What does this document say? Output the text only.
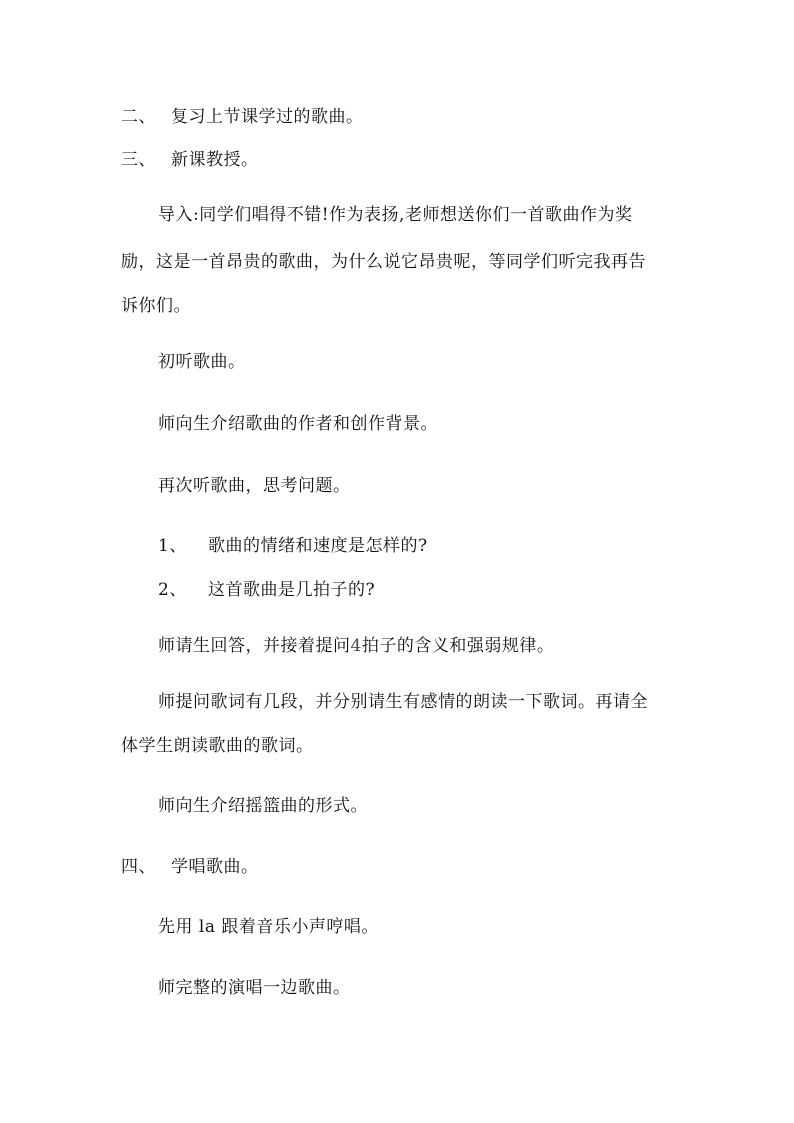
二、 复习上节课学过的歌曲。
三、 新课教授。
导入:同学们唱得不错!作为表扬,老师想送你们一首歌曲作为奖
励，这是一首昂贵的歌曲，为什么说它昂贵呢，等同学们听完我再告
诉你们。
初听歌曲。
师向生介绍歌曲的作者和创作背景。
再次听歌曲，思考问题。
1、 歌曲的情绪和速度是怎样的?
2、 这首歌曲是几拍子的?
师请生回答，并接着提问4拍子的含义和强弱规律。
师提问歌词有几段，并分别请生有感情的朗读一下歌词。再请全
体学生朗读歌曲的歌词。
师向生介绍摇篮曲的形式。
四、 学唱歌曲。
先用 la 跟着音乐小声哼唱。
师完整的演唱一边歌曲。
